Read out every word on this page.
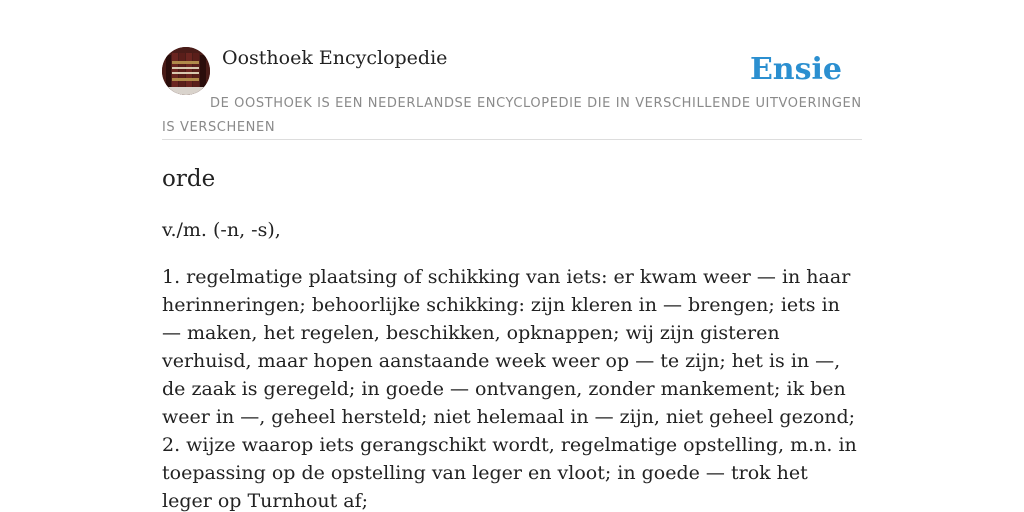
Oosthoek Encyclopedie	Ensie
DE OOSTHOEK IS EEN NEDERLANDSE ENCYCLOPEDIE DIE IN VERSCHILLENDE UITVOERINGEN IS VERSCHENEN
orde
v./m. (-n, -s),

1. regelmatige plaatsing of schikking van iets: er kwam weer — in haar herinneringen; behoorlijke schikking: zijn kleren in — brengen; iets in — maken, het regelen, beschikken, opknappen; wij zijn gisteren verhuisd, maar hopen aanstaande week weer op — te zijn; het is in —, de zaak is geregeld; in goede — ontvangen, zonder mankement; ik ben weer in —, geheel hersteld; niet helemaal in — zijn, niet geheel gezond;

2. wijze waarop iets gerangschikt wordt, regelmatige opstelling, m.n. in toepassing op de opstelling van leger en vloot; in goede — trok het leger op Turnhout af;
